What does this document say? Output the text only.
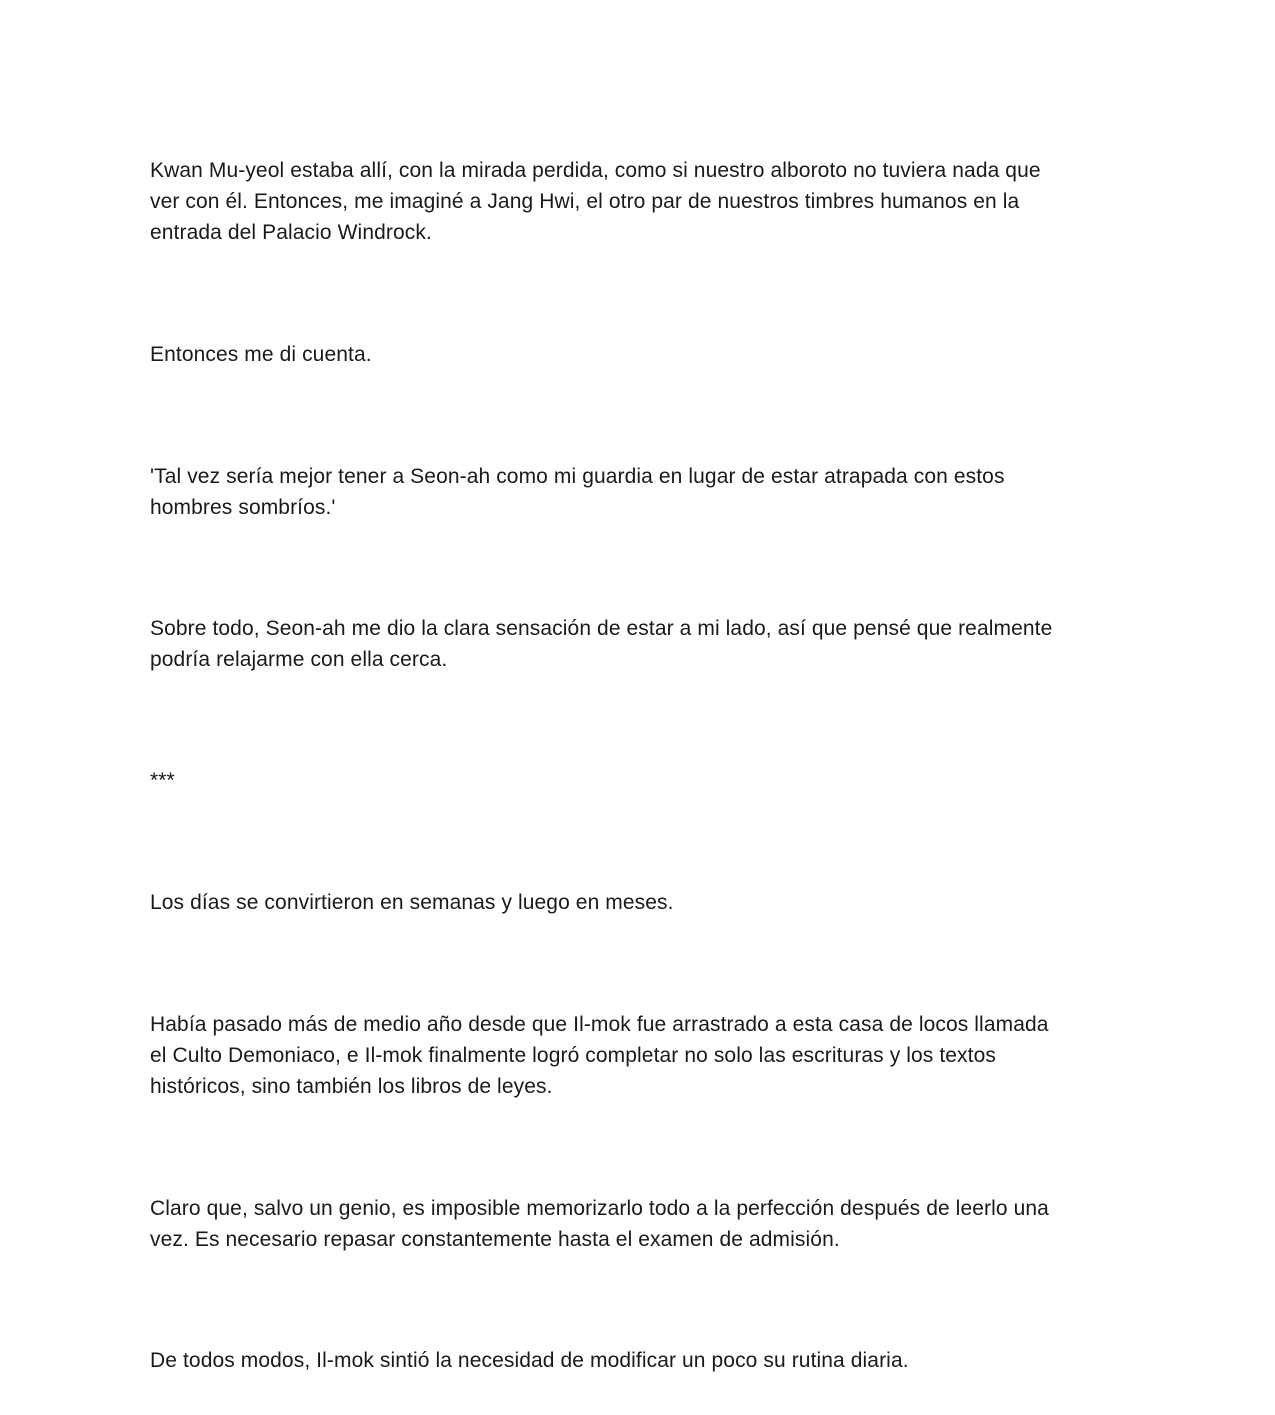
Kwan Mu-yeol estaba allí, con la mirada perdida, como si nuestro alboroto no tuviera nada que
ver con él. Entonces, me imaginé a Jang Hwi, el otro par de nuestros timbres humanos en la
entrada del Palacio Windrock.

Entonces me di cuenta.

'Tal vez sería mejor tener a Seon-ah como mi guardia en lugar de estar atrapada con estos
hombres sombríos.'

Sobre todo, Seon-ah me dio la clara sensación de estar a mi lado, así que pensé que realmente
podría relajarme con ella cerca.

***

Los días se convirtieron en semanas y luego en meses.

Había pasado más de medio año desde que Il-mok fue arrastrado a esta casa de locos llamada
el Culto Demoniaco, e Il-mok finalmente logró completar no solo las escrituras y los textos
históricos, sino también los libros de leyes.

Claro que, salvo un genio, es imposible memorizarlo todo a la perfección después de leerlo una
vez. Es necesario repasar constantemente hasta el examen de admisión.

De todos modos, Il-mok sintió la necesidad de modificar un poco su rutina diaria.
